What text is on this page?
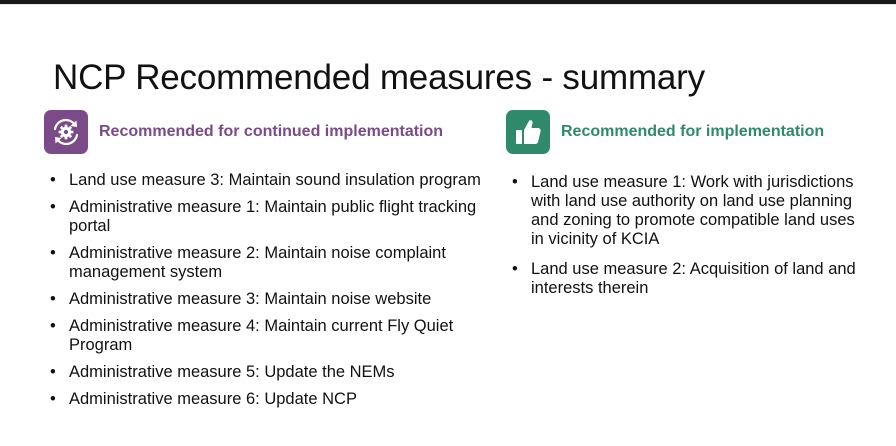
NCP Recommended measures - summary
Recommended for continued implementation	Recommended for implementation
• Land use measure 3: Maintain sound insulation program
• Administrative measure 1: Maintain public flight tracking portal
• Administrative measure 2: Maintain noise complaint management system
• Administrative measure 3: Maintain noise website
• Administrative measure 4: Maintain current Fly Quiet Program
• Administrative measure 5: Update the NEMs
• Administrative measure 6: Update NCP
• Land use measure 1: Work with jurisdictions with land use authority on land use planning and zoning to promote compatible land uses in vicinity of KCIA
• Land use measure 2: Acquisition of land and interests therein
